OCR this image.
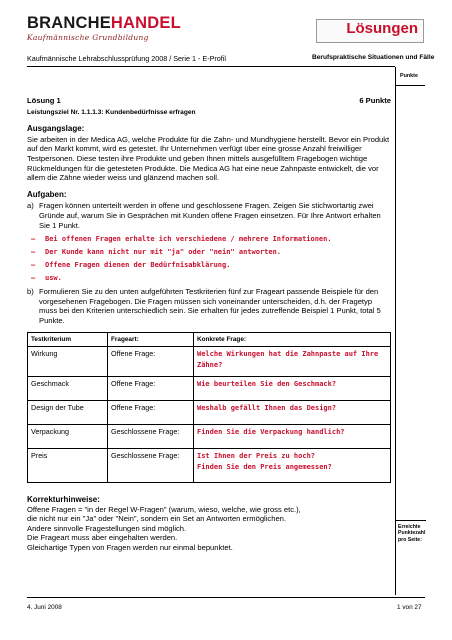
BRANCHEHANDEL
Kaufmännische Grundbildung
Lösungen
Kaufmännische Lehrabschlussprüfung 2008 / Serie 1 - E-Profil	Berufspraktische Situationen und Fälle
Punkte
Lösung 1	6 Punkte
Leistungsziel Nr. 1.1.1.3: Kundenbedürfnisse erfragen
Ausgangslage:
Sie arbeiten in der Medica AG, welche Produkte für die Zahn- und Mundhygiene herstellt. Bevor ein Produkt auf den Markt kommt, wird es getestet. Ihr Unternehmen verfügt über eine grosse Anzahl freiwilliger Testpersonen. Diese testen ihre Produkte und geben Ihnen mittels ausgefülltem Fragebogen wichtige Rückmeldungen für die getesteten Produkte. Die Medica AG hat eine neue Zahnpaste entwickelt, die vor allem die Zähne wieder weiss und glänzend machen soll.
Aufgaben:
a) Fragen können unterteilt werden in offene und geschlossene Fragen. Zeigen Sie stichwortartig zwei Gründe auf, warum Sie in Gesprächen mit Kunden offene Fragen einsetzen. Für Ihre Antwort erhalten Sie 1 Punkt.
–	Bei offenen Fragen erhalte ich verschiedene / mehrere Informationen.
–	Der Kunde kann nicht nur mit "ja" oder "nein" antworten.
–	Offene Fragen dienen der Bedürfnisabklärung.
–	usw.
b) Formulieren Sie zu den unten aufgeführten Testkriterien fünf zur Frageart passende Beispiele für den vorgesehenen Fragebogen. Die Fragen müssen sich voneinander unterscheiden, d.h. der Fragetyp muss bei den Kriterien unterschiedlich sein. Sie erhalten für jedes zutreffende Beispiel 1 Punkt, total 5 Punkte.
Testkriterium	Frageart:	Konkrete Frage:
Wirkung	Offene Frage:	Welche Wirkungen hat die Zahnpaste auf Ihre Zähne?
Geschmack	Offene Frage:	Wie beurteilen Sie den Geschmack?
Design der Tube	Offene Frage:	Weshalb gefällt Ihnen das Design?
Verpackung	Geschlossene Frage:	Finden Sie die Verpackung handlich?
Preis	Geschlossene Frage:	Ist Ihnen der Preis zu hoch?
Finden Sie den Preis angemessen?
Korrekturhinweise:
Offene Fragen = "in der Regel W-Fragen" (warum, wieso, welche, wie gross etc.),
die nicht nur ein "Ja" oder "Nein", sondern ein Set an Antworten ermöglichen.
Andere sinnvolle Fragestellungen sind möglich.
Die Frageart muss aber eingehalten werden.
Gleichartige Typen von Fragen werden nur einmal bepunktet.
Erreichte
Punktezahl
pro Seite:
4. Juni 2008	1 von 27
